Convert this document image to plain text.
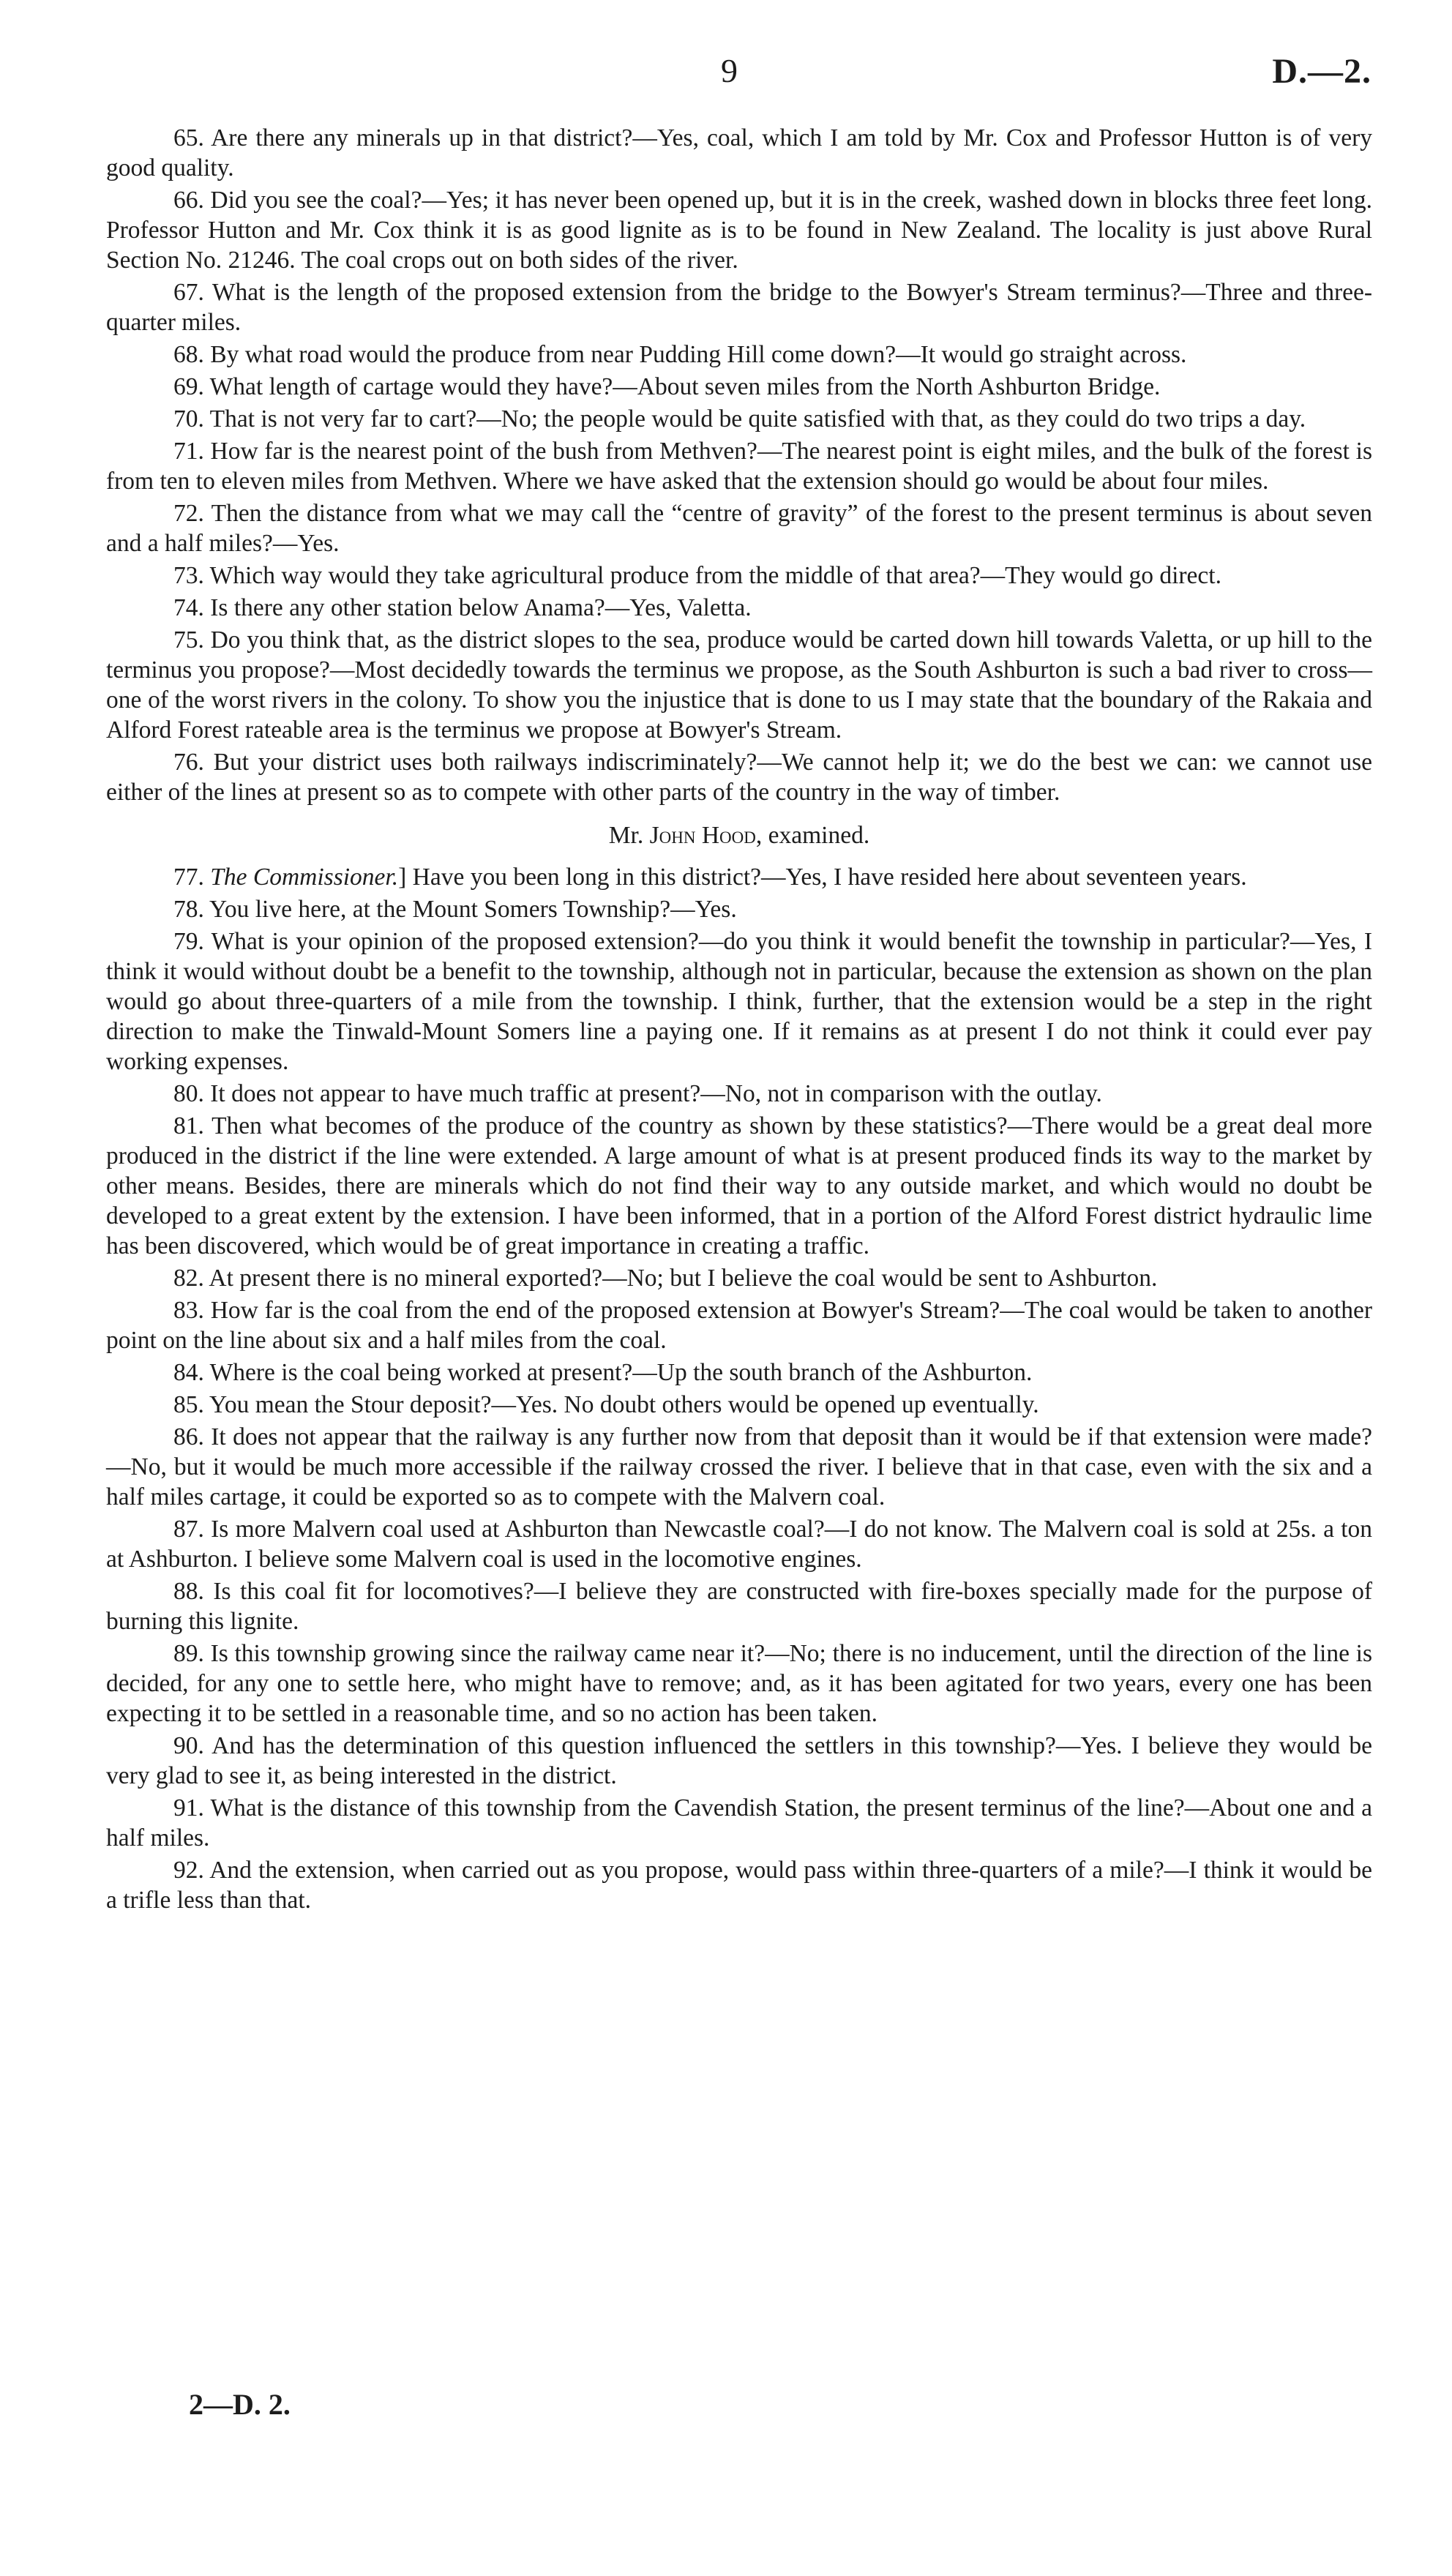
9	D.—2.

65. Are there any minerals up in that district?—Yes, coal, which I am told by Mr. Cox and Professor Hutton is of very good quality.

66. Did you see the coal?—Yes; it has never been opened up, but it is in the creek, washed down in blocks three feet long. Professor Hutton and Mr. Cox think it is as good lignite as is to be found in New Zealand. The locality is just above Rural Section No. 21246. The coal crops out on both sides of the river.

67. What is the length of the proposed extension from the bridge to the Bowyer's Stream terminus?—Three and three-quarter miles.

68. By what road would the produce from near Pudding Hill come down?—It would go straight across.

69. What length of cartage would they have?—About seven miles from the North Ashburton Bridge.

70. That is not very far to cart?—No; the people would be quite satisfied with that, as they could do two trips a day.

71. How far is the nearest point of the bush from Methven?—The nearest point is eight miles, and the bulk of the forest is from ten to eleven miles from Methven. Where we have asked that the extension should go would be about four miles.

72. Then the distance from what we may call the “centre of gravity” of the forest to the present terminus is about seven and a half miles?—Yes.

73. Which way would they take agricultural produce from the middle of that area?—They would go direct.

74. Is there any other station below Anama?—Yes, Valetta.

75. Do you think that, as the district slopes to the sea, produce would be carted down hill towards Valetta, or up hill to the terminus you propose?—Most decidedly towards the terminus we propose, as the South Ashburton is such a bad river to cross—one of the worst rivers in the colony. To show you the injustice that is done to us I may state that the boundary of the Rakaia and Alford Forest rateable area is the terminus we propose at Bowyer's Stream.

76. But your district uses both railways indiscriminately?—We cannot help it; we do the best we can: we cannot use either of the lines at present so as to compete with other parts of the country in the way of timber.

Mr. John Hood, examined.

77. The Commissioner.] Have you been long in this district?—Yes, I have resided here about seventeen years.

78. You live here, at the Mount Somers Township?—Yes.

79. What is your opinion of the proposed extension?—do you think it would benefit the township in particular?—Yes, I think it would without doubt be a benefit to the township, although not in particular, because the extension as shown on the plan would go about three-quarters of a mile from the township. I think, further, that the extension would be a step in the right direction to make the Tinwald-Mount Somers line a paying one. If it remains as at present I do not think it could ever pay working expenses.

80. It does not appear to have much traffic at present?—No, not in comparison with the outlay.

81. Then what becomes of the produce of the country as shown by these statistics?—There would be a great deal more produced in the district if the line were extended. A large amount of what is at present produced finds its way to the market by other means. Besides, there are minerals which do not find their way to any outside market, and which would no doubt be developed to a great extent by the extension. I have been informed, that in a portion of the Alford Forest district hydraulic lime has been discovered, which would be of great importance in creating a traffic.

82. At present there is no mineral exported?—No; but I believe the coal would be sent to Ashburton.

83. How far is the coal from the end of the proposed extension at Bowyer's Stream?—The coal would be taken to another point on the line about six and a half miles from the coal.

84. Where is the coal being worked at present?—Up the south branch of the Ashburton.

85. You mean the Stour deposit?—Yes. No doubt others would be opened up eventually.

86. It does not appear that the railway is any further now from that deposit than it would be if that extension were made?—No, but it would be much more accessible if the railway crossed the river. I believe that in that case, even with the six and a half miles cartage, it could be exported so as to compete with the Malvern coal.

87. Is more Malvern coal used at Ashburton than Newcastle coal?—I do not know. The Malvern coal is sold at 25s. a ton at Ashburton. I believe some Malvern coal is used in the locomotive engines.

88. Is this coal fit for locomotives?—I believe they are constructed with fire-boxes specially made for the purpose of burning this lignite.

89. Is this township growing since the railway came near it?—No; there is no inducement, until the direction of the line is decided, for any one to settle here, who might have to remove; and, as it has been agitated for two years, every one has been expecting it to be settled in a reasonable time, and so no action has been taken.

90. And has the determination of this question influenced the settlers in this township?—Yes. I believe they would be very glad to see it, as being interested in the district.

91. What is the distance of this township from the Cavendish Station, the present terminus of the line?—About one and a half miles.

92. And the extension, when carried out as you propose, would pass within three-quarters of a mile?—I think it would be a trifle less than that.

2—D. 2.
